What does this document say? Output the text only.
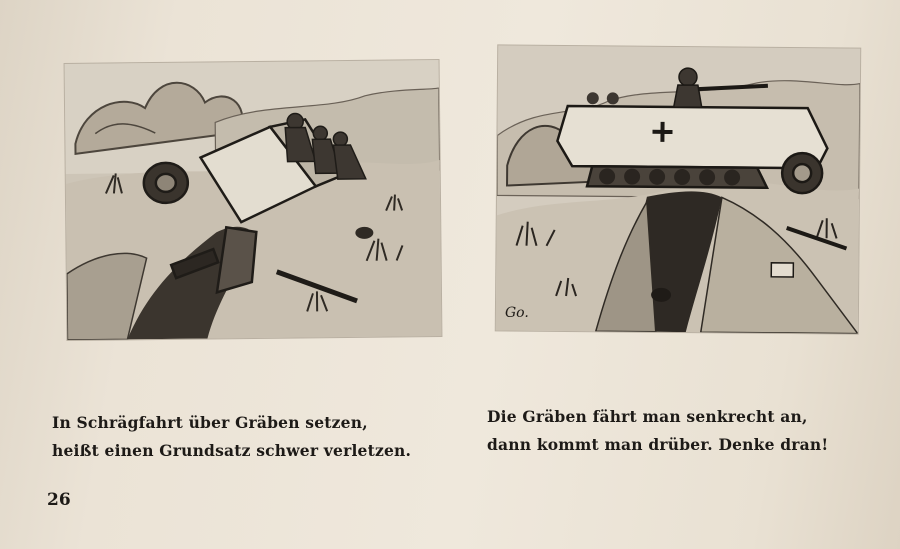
Go.
In Schrägfahrt über Gräben setzen,
heißt einen Grundsatz schwer verletzen.
Die Gräben fährt man senkrecht an,
dann kommt man drüber. Denke dran!
26
